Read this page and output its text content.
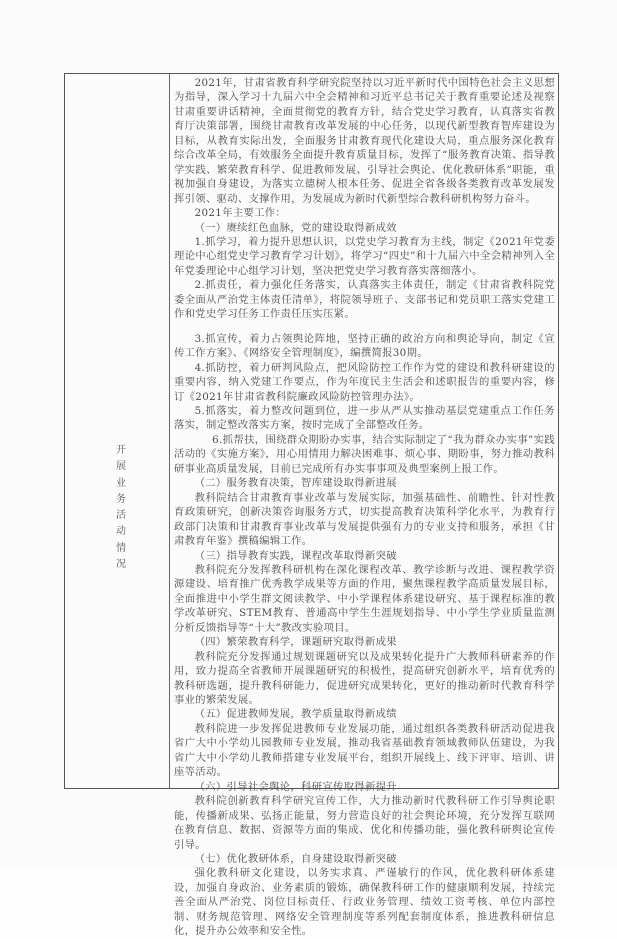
开展业务活动情况

2021年，甘肃省教育科学研究院坚持以习近平新时代中国特色社会主义思想为指导，深入学习十九届六中全会精神和习近平总书记关于教育重要论述及视察甘肃重要讲话精神，全面贯彻党的教育方针，结合党史学习教育，认真落实省教育厅决策部署，围绕甘肃教育改革发展的中心任务，以现代新型教育智库建设为目标，从教育实际出发，全面服务甘肃教育现代化建设大局，重点服务深化教育综合改革全局，有效服务全面提升教育质量目标，发挥了“服务教育决策、指导教学实践、繁荣教育科学、促进教师发展、引导社会舆论、优化教研体系”职能，重视加强自身建设，为落实立德树人根本任务、促进全省各级各类教育改革发展发挥引领、驱动、支撑作用，为发展成为新时代新型综合教科研机构努力奋斗。

2021年主要工作：

（一）赓续红色血脉，党的建设取得新成效

1.抓学习，着力提升思想认识，以党史学习教育为主线，制定《2021年党委理论中心组党史学习教育学习计划》，将学习“四史”和十九届六中全会精神列入全年党委理论中心组学习计划，坚决把党史学习教育落实落细落小。

2.抓责任，着力强化任务落实，认真落实主体责任，制定《甘肃省教科院党委全面从严治党主体责任清单》，将院领导班子、支部书记和党员职工落实党建工作和党史学习任务工作责任压实压紧。

3.抓宣传，着力占领舆论阵地，坚持正确的政治方向和舆论导向，制定《宣传工作方案》、《网络安全管理制度》，编撰简报30期。

4.抓防控，着力研判风险点，把风险防控工作作为党的建设和教科研建设的重要内容，纳入党建工作要点，作为年度民主生活会和述职报告的重要内容，修订《2021年甘肃省教科院廉政风险防控管理办法》。

5.抓落实，着力整改问题到位，进一步从严从实推动基层党建重点工作任务落实，制定整改落实方案，按时完成了全部整改任务。

6.抓帮扶，围绕群众期盼办实事，结合实际制定了“我为群众办实事”实践活动的《实施方案》，用心用情用力解决困难事、烦心事、期盼事，努力推动教科研事业高质量发展，目前已完成所有办实事事项及典型案例上报工作。

（二）服务教育决策，智库建设取得新进展

教科院结合甘肃教育事业改革与发展实际，加强基础性、前瞻性、针对性教育政策研究，创新决策咨询服务方式，切实提高教育决策科学化水平，为教育行政部门决策和甘肃教育事业改革与发展提供强有力的专业支持和服务，承担《甘肃教育年鉴》撰稿编辑工作。

（三）指导教育实践，课程改革取得新突破

教科院充分发挥教科研机构在深化课程改革、教学诊断与改进、课程教学资源建设、培育推广优秀教学成果等方面的作用，聚焦课程教学高质量发展目标，全面推进中小学生群文阅读教学、中小学课程体系建设研究、基于课程标准的教学改革研究、STEM教育、普通高中学生生涯规划指导、中小学生学业质量监测分析反馈指导等“十大”教改实验项目。

（四）繁荣教育科学，课题研究取得新成果

教科院充分发挥通过规划课题研究以及成果转化提升广大教师科研素养的作用，致力提高全省教师开展课题研究的积极性，提高研究创新水平，培育优秀的教科研选题，提升教科研能力，促进研究成果转化，更好的推动新时代教育科学事业的繁荣发展。

（五）促进教师发展，教学质量取得新成绩

教科院进一步发挥促进教师专业发展功能，通过组织各类教科研活动促进我省广大中小学幼儿园教师专业发展，推动我省基础教育领域教师队伍建设，为我省广大中小学幼儿教师搭建专业发展平台，组织开展线上、线下评审、培训、讲座等活动。

（六）引导社会舆论，科研宣传取得新提升

教科院创新教育科学研究宣传工作，大力推动新时代教科研工作引导舆论职能，传播新成果、弘扬正能量，努力营造良好的社会舆论环境，充分发挥互联网在教育信息、数据、资源等方面的集成、优化和传播功能，强化教科研舆论宣传引导。

（七）优化教研体系，自身建设取得新突破

强化教科研文化建设，以务实求真、严谨敏行的作风，优化教科研体系建设，加强自身政治、业务素质的锻炼，确保教科研工作的健康顺利发展，持续完善全面从严治党、岗位目标责任、行政业务管理、绩效工资考核、单位内部控制、财务规范管理、网络安全管理制度等系列配套制度体系，推进教科研信息化，提升办公效率和安全性。
